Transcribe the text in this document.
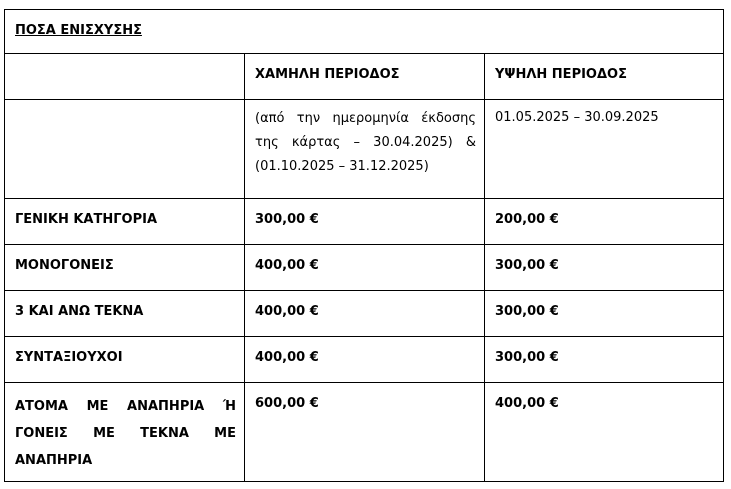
ΠΟΣΑ ΕΝΙΣΧΥΣΗΣ		
	ΧΑΜΗΛΗ ΠΕΡΙΟΔΟΣ	ΥΨΗΛΗ ΠΕΡΙΟΔΟΣ
	(από την ημερομηνία έκδοσης της κάρτας – 30.04.2025) & (01.10.2025 – 31.12.2025)	01.05.2025 – 30.09.2025
ΓΕΝΙΚΗ ΚΑΤΗΓΟΡΙΑ	300,00 €	200,00 €
ΜΟΝΟΓΟΝΕΙΣ	400,00 €	300,00 €
3 ΚΑΙ ΑΝΩ ΤΕΚΝΑ	400,00 €	300,00 €
ΣΥΝΤΑΞΙΟΥΧΟΙ	400,00 €	300,00 €
ΑΤΟΜΑ ΜΕ ΑΝΑΠΗΡΙΑ Ή ΓΟΝΕΙΣ ΜΕ ΤΕΚΝΑ ΜΕ ΑΝΑΠΗΡΙΑ	600,00 €	400,00 €
